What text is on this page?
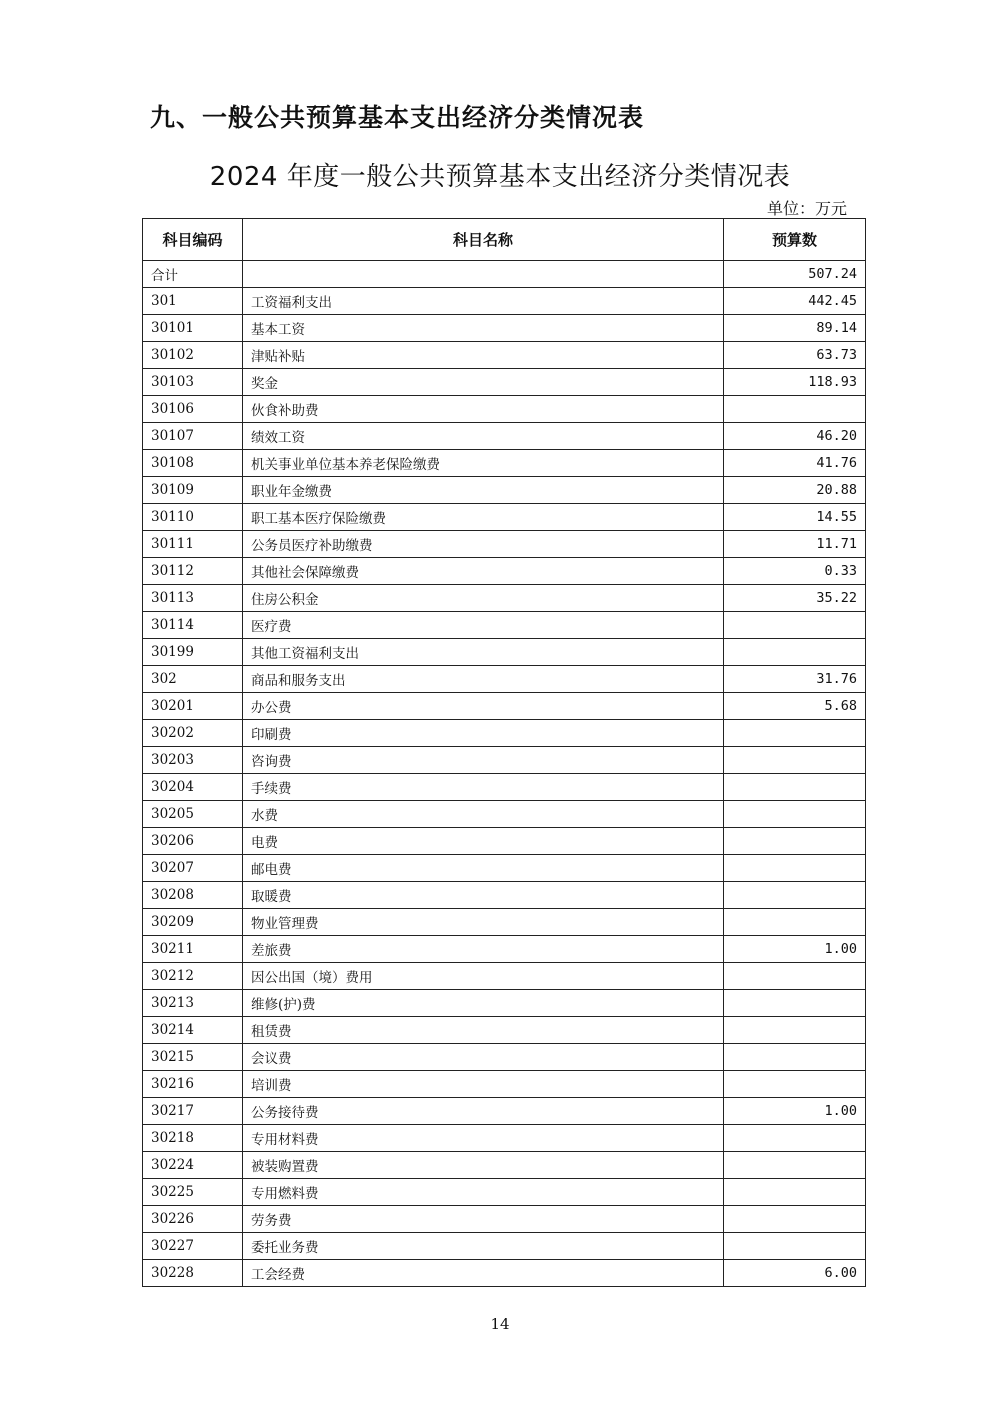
九、一般公共预算基本支出经济分类情况表
2024 年度一般公共预算基本支出经济分类情况表
单位：万元
科目编码	科目名称	预算数
合计		507.24
301	工资福利支出	442.45
30101	基本工资	89.14
30102	津贴补贴	63.73
30103	奖金	118.93
30106	伙食补助费	
30107	绩效工资	46.20
30108	机关事业单位基本养老保险缴费	41.76
30109	职业年金缴费	20.88
30110	职工基本医疗保险缴费	14.55
30111	公务员医疗补助缴费	11.71
30112	其他社会保障缴费	0.33
30113	住房公积金	35.22
30114	医疗费	
30199	其他工资福利支出	
302	商品和服务支出	31.76
30201	办公费	5.68
30202	印刷费	
30203	咨询费	
30204	手续费	
30205	水费	
30206	电费	
30207	邮电费	
30208	取暖费	
30209	物业管理费	
30211	差旅费	1.00
30212	因公出国（境）费用	
30213	维修(护)费	
30214	租赁费	
30215	会议费	
30216	培训费	
30217	公务接待费	1.00
30218	专用材料费	
30224	被装购置费	
30225	专用燃料费	
30226	劳务费	
30227	委托业务费	
30228	工会经费	6.00
14
